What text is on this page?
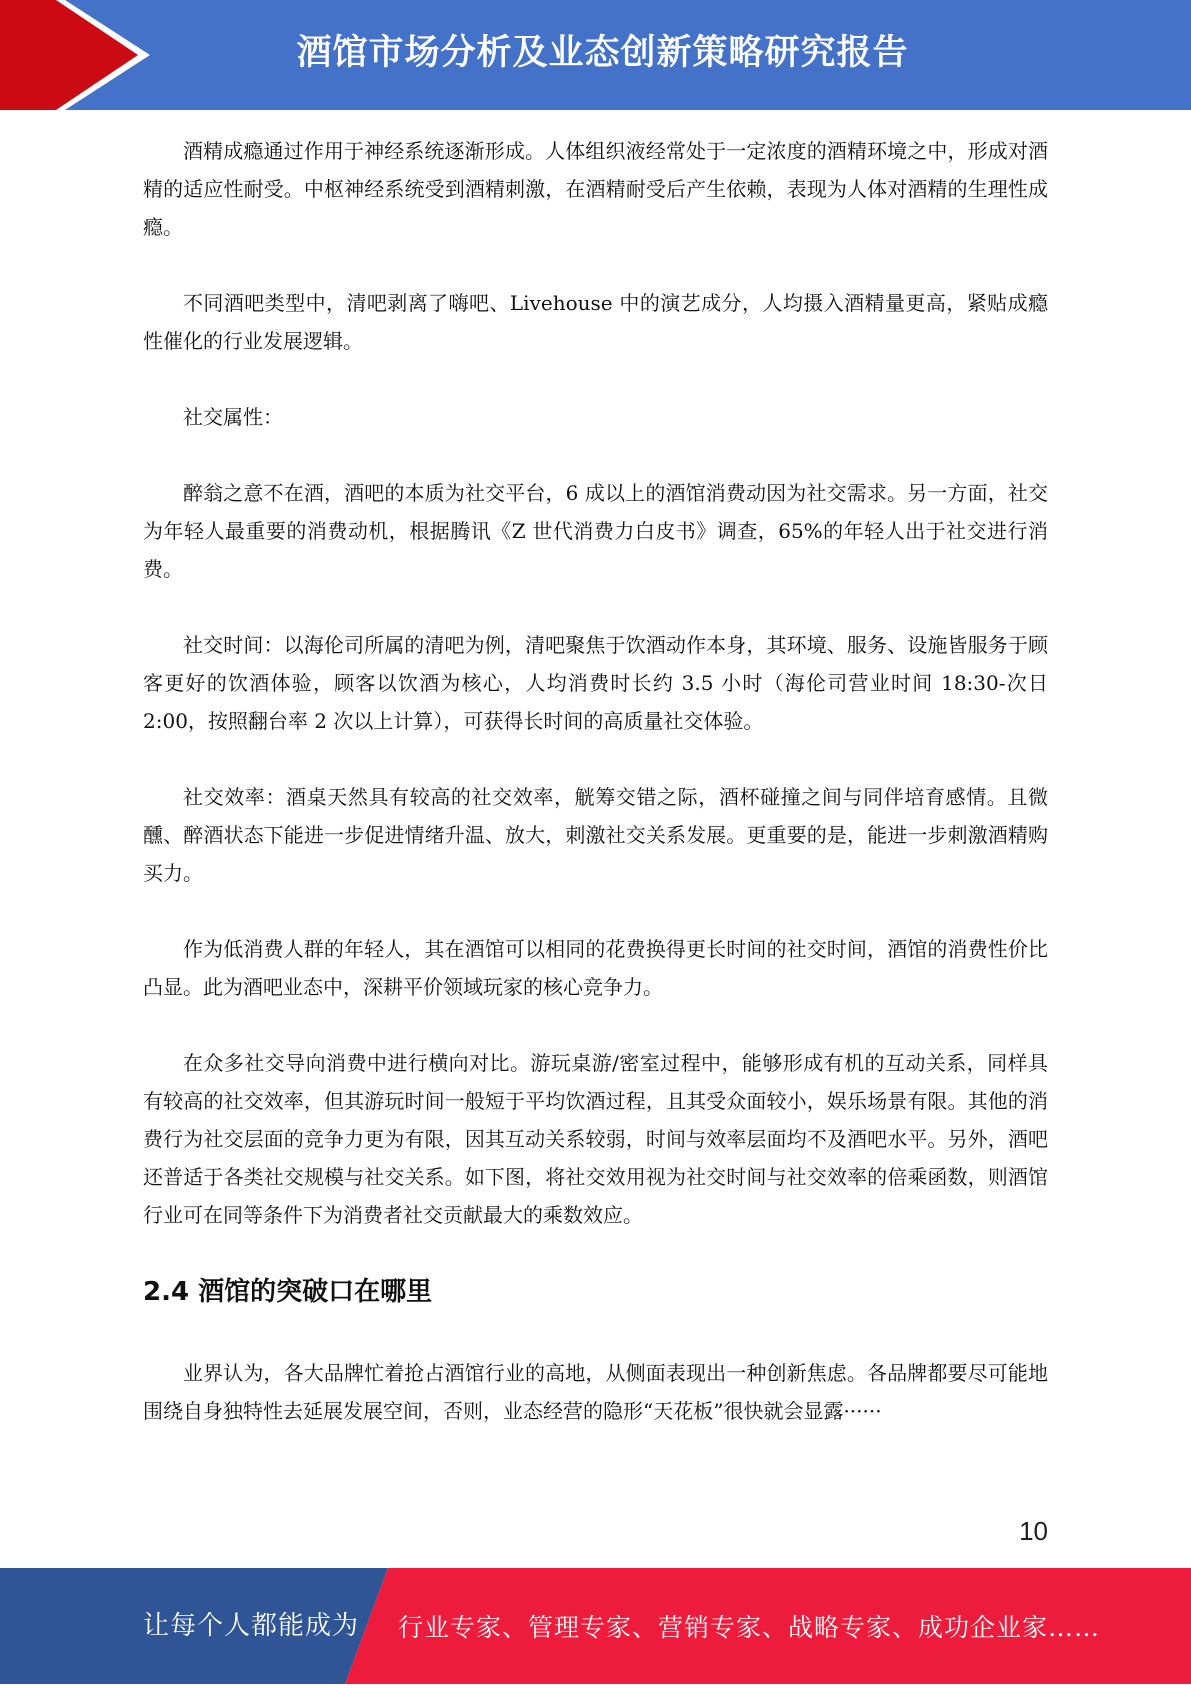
酒馆市场分析及业态创新策略研究报告

酒精成瘾通过作用于神经系统逐渐形成。人体组织液经常处于一定浓度的酒精环境之中，形成对酒精的适应性耐受。中枢神经系统受到酒精刺激，在酒精耐受后产生依赖，表现为人体对酒精的生理性成瘾。

不同酒吧类型中，清吧剥离了嗨吧、Livehouse 中的演艺成分，人均摄入酒精量更高，紧贴成瘾性催化的行业发展逻辑。

社交属性：

醉翁之意不在酒，酒吧的本质为社交平台，6 成以上的酒馆消费动因为社交需求。另一方面，社交为年轻人最重要的消费动机，根据腾讯《Z 世代消费力白皮书》调查，65%的年轻人出于社交进行消费。

社交时间：以海伦司所属的清吧为例，清吧聚焦于饮酒动作本身，其环境、服务、设施皆服务于顾客更好的饮酒体验，顾客以饮酒为核心，人均消费时长约 3.5 小时（海伦司营业时间 18:30-次日 2:00，按照翻台率 2 次以上计算），可获得长时间的高质量社交体验。

社交效率：酒桌天然具有较高的社交效率，觥筹交错之际，酒杯碰撞之间与同伴培育感情。且微醺、醉酒状态下能进一步促进情绪升温、放大，刺激社交关系发展。更重要的是，能进一步刺激酒精购买力。

作为低消费人群的年轻人，其在酒馆可以相同的花费换得更长时间的社交时间，酒馆的消费性价比凸显。此为酒吧业态中，深耕平价领域玩家的核心竞争力。

在众多社交导向消费中进行横向对比。游玩桌游/密室过程中，能够形成有机的互动关系，同样具有较高的社交效率，但其游玩时间一般短于平均饮酒过程，且其受众面较小，娱乐场景有限。其他的消费行为社交层面的竞争力更为有限，因其互动关系较弱，时间与效率层面均不及酒吧水平。另外，酒吧还普适于各类社交规模与社交关系。如下图，将社交效用视为社交时间与社交效率的倍乘函数，则酒馆行业可在同等条件下为消费者社交贡献最大的乘数效应。

2.4 酒馆的突破口在哪里

业界认为，各大品牌忙着抢占酒馆行业的高地，从侧面表现出一种创新焦虑。各品牌都要尽可能地围绕自身独特性去延展发展空间，否则，业态经营的隐形“天花板”很快就会显露······

10
让每个人都能成为 行业专家、管理专家、营销专家、战略专家、成功企业家……
